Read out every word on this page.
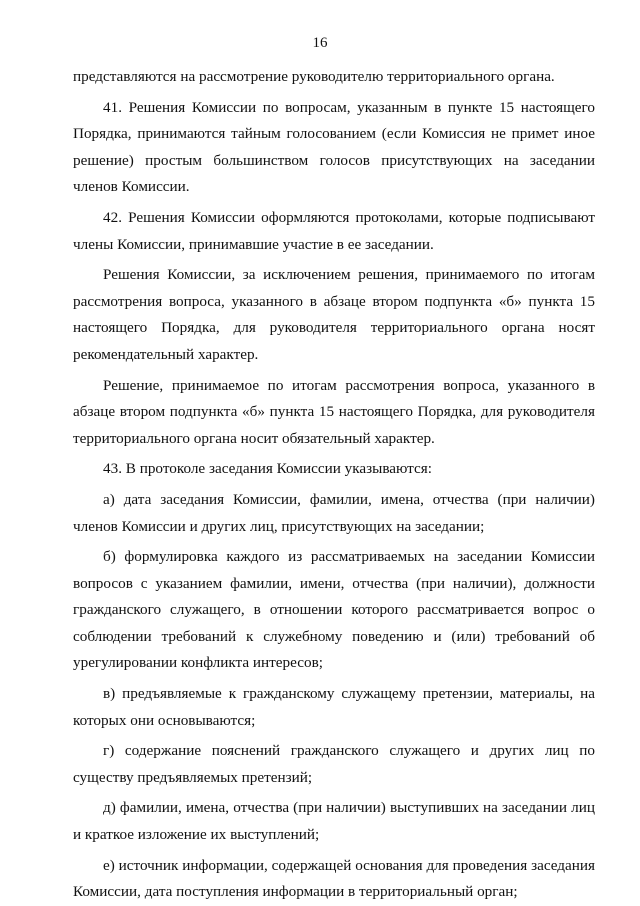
16

представляются на рассмотрение руководителю территориального органа.

41. Решения Комиссии по вопросам, указанным в пункте 15 настоящего Порядка, принимаются тайным голосованием (если Комиссия не примет иное решение) простым большинством голосов присутствующих на заседании членов Комиссии.

42. Решения Комиссии оформляются протоколами, которые подписывают члены Комиссии, принимавшие участие в ее заседании.

Решения Комиссии, за исключением решения, принимаемого по итогам рассмотрения вопроса, указанного в абзаце втором подпункта «б» пункта 15 настоящего Порядка, для руководителя территориального органа носят рекомендательный характер.

Решение, принимаемое по итогам рассмотрения вопроса, указанного в абзаце втором подпункта «б» пункта 15 настоящего Порядка, для руководителя территориального органа носит обязательный характер.

43. В протоколе заседания Комиссии указываются:

а) дата заседания Комиссии, фамилии, имена, отчества (при наличии) членов Комиссии и других лиц, присутствующих на заседании;

б) формулировка каждого из рассматриваемых на заседании Комиссии вопросов с указанием фамилии, имени, отчества (при наличии), должности гражданского служащего, в отношении которого рассматривается вопрос о соблюдении требований к служебному поведению и (или) требований об урегулировании конфликта интересов;

в) предъявляемые к гражданскому служащему претензии, материалы, на которых они основываются;

г) содержание пояснений гражданского служащего и других лиц по существу предъявляемых претензий;

д) фамилии, имена, отчества (при наличии) выступивших на заседании лиц и краткое изложение их выступлений;

е) источник информации, содержащей основания для проведения заседания Комиссии, дата поступления информации в территориальный орган;
